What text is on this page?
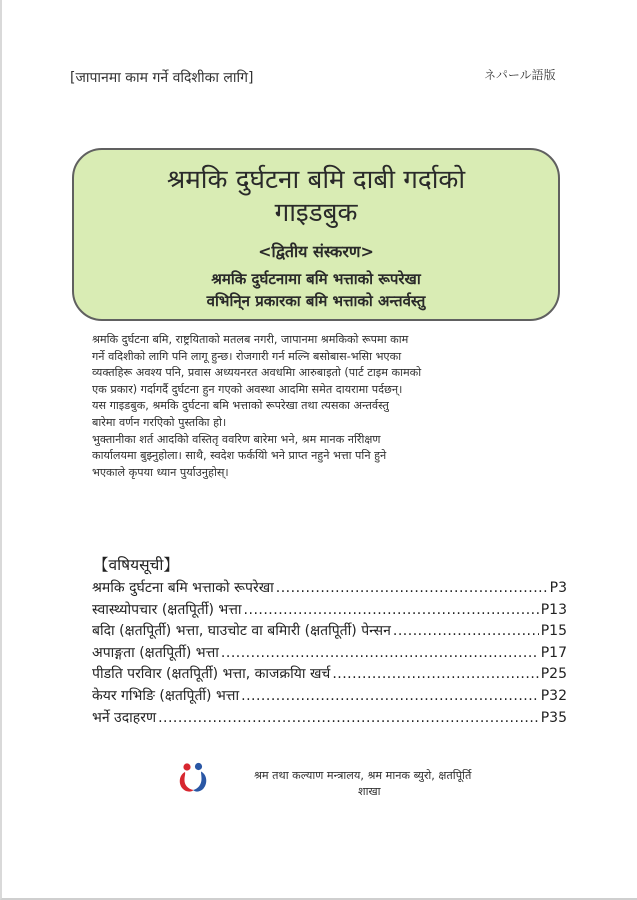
[जापानमा काम गर्ने वदिशीका लागि]	ネパール語版
श्रमकि दुर्घटना बमि दाबी गर्दाको
गाइडबुक
<द्वितीय संस्करण>
श्रमकि दुर्घटनामा बमि भत्ताको रूपरेखा
वभिनि्न प्रकारका बमि भत्ताको अन्तर्वस्तु

श्रमकि दुर्घटना बमि, राष्ट्रयिताको मतलब नगरी, जापानमा श्रमकिको रूपमा काम

गर्ने वदिशीको लागि पनि लागू हुन्छ। रोजगारी गर्न मल्नि बसोबास-भसिा भएका

व्यक्तहिरू अवश्य पनि, प्रवास अध्ययनरत अवधमिा आरुबाइतो (पार्ट टाइम कामको

एक प्रकार) गर्दागर्दै दुर्घटना हुन गएको अवस्था आदमिा समेत दायरामा पर्दछन्।

यस गाइडबुक, श्रमकि दुर्घटना बमि भत्ताको रूपरेखा तथा त्यसका अन्तर्वस्तु

बारेमा वर्णन गरएिको पुस्तकिा हो।

भुक्तानीका शर्त आदकिो वस्तितृ ववरिण बारेमा भने, श्रम मानक नरिीक्षण

कार्यालयमा बुझ्नुहोला। साथै, स्वदेश फर्कयिो भने प्राप्त नहुने भत्ता पनि हुने

भएकाले कृपया ध्यान पुर्याउनुहोस्।

【वषियसूची】
श्रमकि दुर्घटना बमि भत्ताको रूपरेखा .....	P3
स्वास्थ्योपचार (क्षतपूिर्ती) भत्ता .....	P13
बदिा (क्षतपूिर्ती) भत्ता, घाउचोट वा बमिारी (क्षतपूिर्ती) पेन्सन .....	P15
अपाङ्गता (क्षतपूिर्ती) भत्ता .....	P17
पीडति परविार (क्षतपूिर्ती) भत्ता, काजक्रयिा खर्च .....	P25
केयर गभिङि (क्षतपूिर्ती) भत्ता .....	P32
भर्ने उदाहरण .....	P35
श्रम तथा कल्याण मन्त्रालय, श्रम मानक ब्युरो, क्षतपूिर्ति
शाखा
